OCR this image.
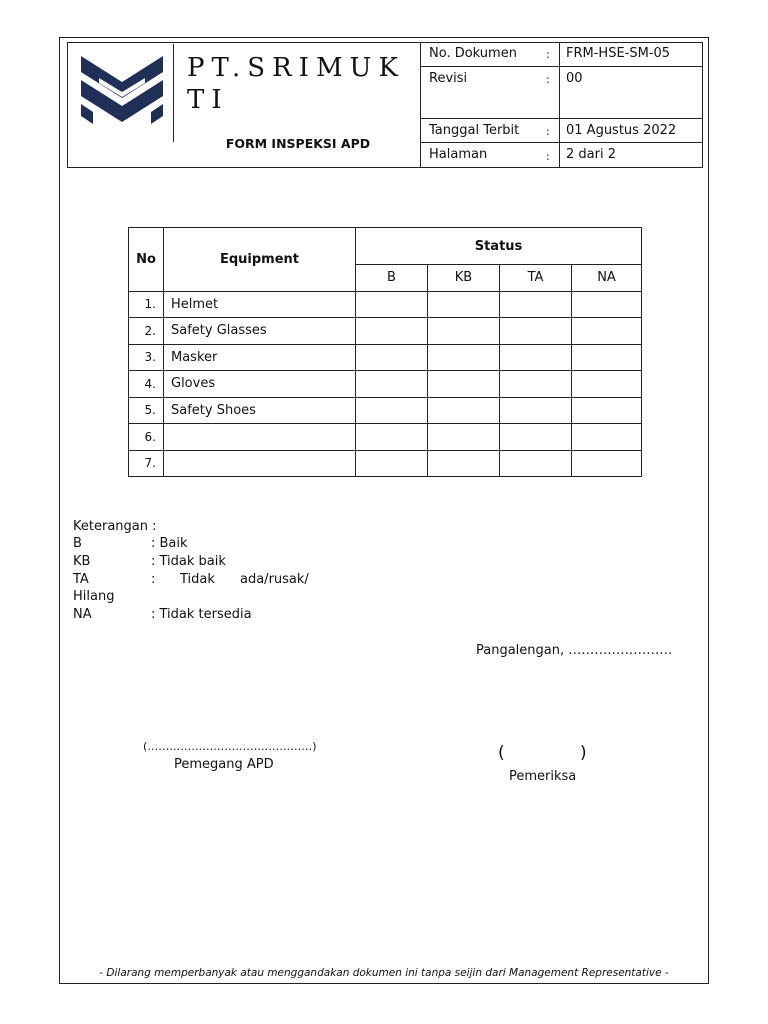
PT.SRIMUKTI
FORM INSPEKSI APD
No. Dokumen	: FRM-HSE-SM-05
Revisi	: 00
Tanggal Terbit : 01 Agustus 2022
Halaman	: 2 dari 2
No	Equipment	Status			
		B	KB	TA	NA
1.	Helmet				
2.	Safety Glasses				
3.	Masker				
4.	Gloves				
5.	Safety Shoes				
6.					
7.					
Keterangan :
B	: Baik
KB	: Tidak baik
TA	: Tidak ada/rusak/
Hilang
NA	: Tidak tersedia
Pangalengan, ……………………
(………………………………………)
Pemegang APD
(	)
Pemeriksa
- Dilarang memperbanyak atau menggandakan dokumen ini tanpa seijin dari Management Representative -
